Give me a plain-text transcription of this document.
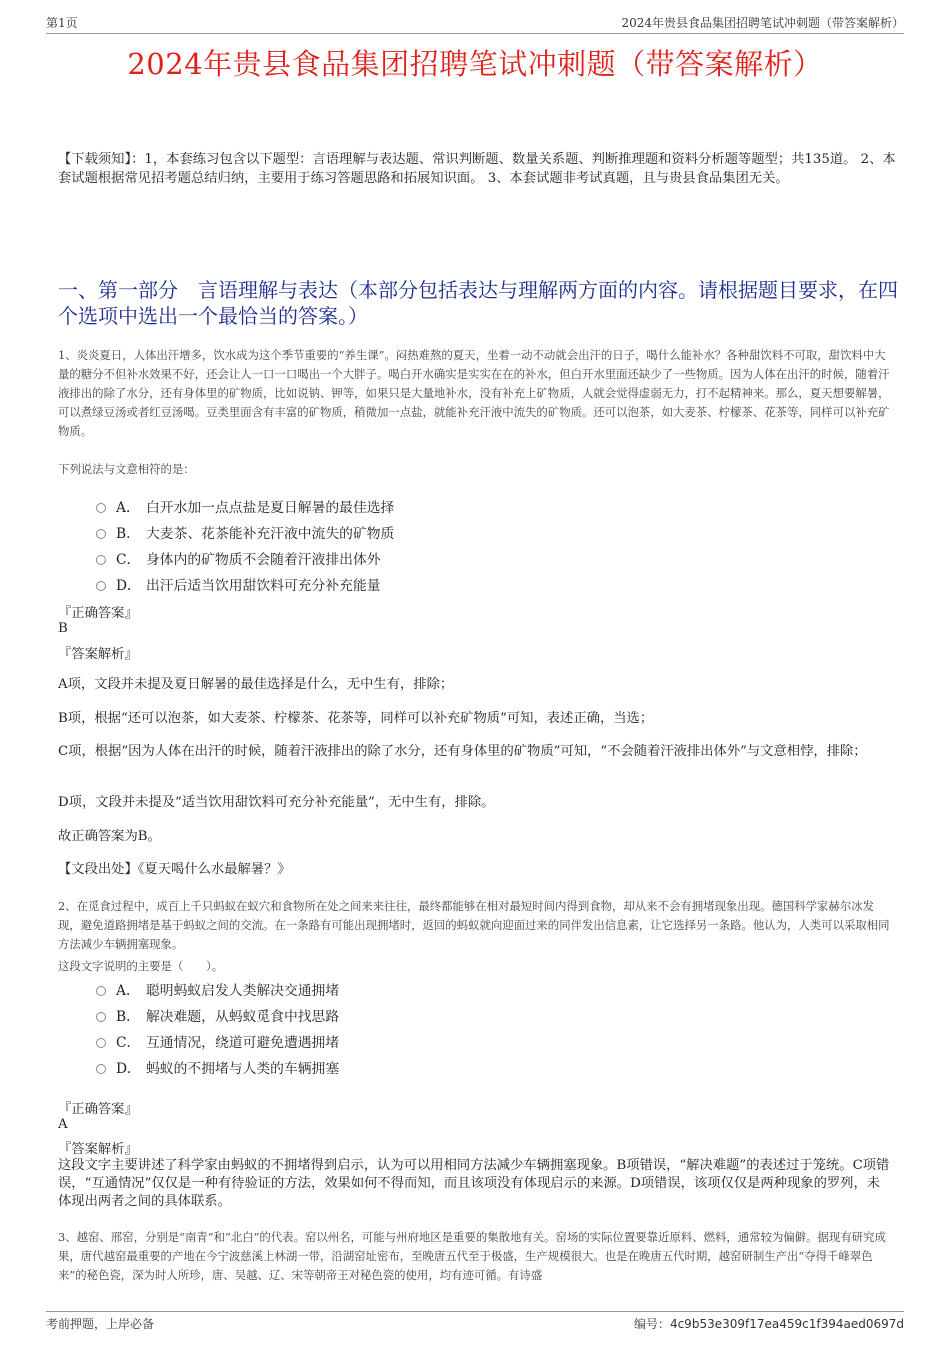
第1页	2024年贵县食品集团招聘笔试冲刺题（带答案解析）
2024年贵县食品集团招聘笔试冲刺题（带答案解析）
【下载须知】：1，本套练习包含以下题型：言语理解与表达题、常识判断题、数量关系题、判断推理题和资料分析题等题型；共135道。 2、本套试题根据常见招考题总结归纳，主要用于练习答题思路和拓展知识面。 3、本套试题非考试真题，且与贵县食品集团无关。
一、第一部分　言语理解与表达（本部分包括表达与理解两方面的内容。请根据题目要求，在四个选项中选出一个最恰当的答案。）
1、炎炎夏日，人体出汗增多，饮水成为这个季节重要的“养生课”。闷热难熬的夏天，坐着一动不动就会出汗的日子，喝什么能补水？各种甜饮料不可取，甜饮料中大量的糖分不但补水效果不好，还会让人一口一口喝出一个大胖子。喝白开水确实是实实在在的补水，但白开水里面还缺少了一些物质。因为人体在出汗的时候，随着汗液排出的除了水分，还有身体里的矿物质，比如说钠、钾等，如果只是大量地补水，没有补充上矿物质，人就会觉得虚弱无力，打不起精神来。那么，夏天想要解暑，可以煮绿豆汤或者红豆汤喝。豆类里面含有丰富的矿物质，稍微加一点盐，就能补充汗液中流失的矿物质。还可以泡茶，如大麦茶、柠檬茶、花茶等，同样可以补充矿物质。
下列说法与文意相符的是：
A． 白开水加一点点盐是夏日解暑的最佳选择
B． 大麦茶、花茶能补充汗液中流失的矿物质
C． 身体内的矿物质不会随着汗液排出体外
D． 出汗后适当饮用甜饮料可充分补充能量
『正确答案』
B
『答案解析』
A项，文段并未提及夏日解暑的最佳选择是什么，无中生有，排除；
B项，根据“还可以泡茶，如大麦茶、柠檬茶、花茶等，同样可以补充矿物质”可知，表述正确，当选；
C项，根据“因为人体在出汗的时候，随着汗液排出的除了水分，还有身体里的矿物质”可知，“不会随着汗液排出体外”与文意相悖，排除；
D项，文段并未提及“适当饮用甜饮料可充分补充能量”，无中生有，排除。
故正确答案为B。
【文段出处】《夏天喝什么水最解暑？》
2、在觅食过程中，成百上千只蚂蚁在蚁穴和食物所在处之间来来往往，最终都能够在相对最短时间内得到食物，却从来不会有拥堵现象出现。德国科学家赫尔冰发现，避免道路拥堵是基于蚂蚁之间的交流。在一条路有可能出现拥堵时，返回的蚂蚁就向迎面过来的同伴发出信息素，让它选择另一条路。他认为，人类可以采取相同方法减少车辆拥塞现象。
这段文字说明的主要是（　　）。
A． 聪明蚂蚁启发人类解决交通拥堵
B． 解决难题，从蚂蚁觅食中找思路
C． 互通情况，绕道可避免遭遇拥堵
D． 蚂蚁的不拥堵与人类的车辆拥塞
『正确答案』
A
『答案解析』
这段文字主要讲述了科学家由蚂蚁的不拥堵得到启示，认为可以用相同方法减少车辆拥塞现象。B项错误，“解决难题”的表述过于笼统。C项错误，“互通情况”仅仅是一种有待验证的方法，效果如何不得而知，而且该项没有体现启示的来源。D项错误，该项仅仅是两种现象的罗列，未体现出两者之间的具体联系。
3、越窑、邢窑，分别是“南青”和“北白”的代表。窑以州名，可能与州府地区是重要的集散地有关。窑场的实际位置要靠近原料、燃料，通常较为偏僻。据现有研究成果，唐代越窑最重要的产地在今宁波慈溪上林湖一带，沿湖窑址密布，至晚唐五代至于极盛，生产规模很大。也是在晚唐五代时期，越窑研制生产出“夺得千峰翠色来”的秘色瓷，深为时人所珍，唐、吴越、辽、宋等朝帝王对秘色瓷的使用，均有迹可循。有诗盛
考前押题，上岸必备	编号：4c9b53e309f17ea459c1f394aed0697d
